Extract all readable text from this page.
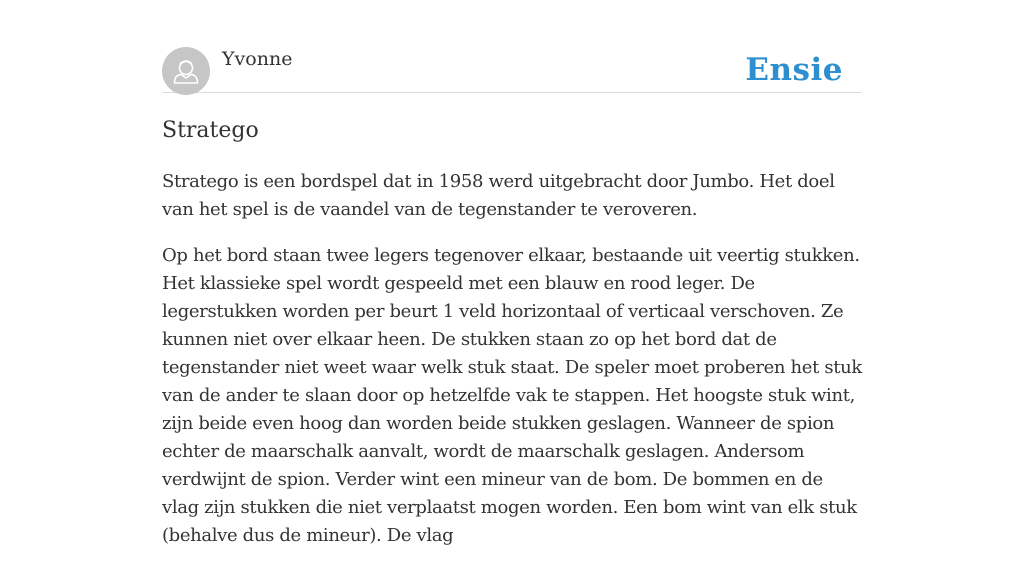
Yvonne	Ensie
Stratego

Stratego is een bordspel dat in 1958 werd uitgebracht door Jumbo. Het doel van het spel is de vaandel van de tegenstander te veroveren.

Op het bord staan twee legers tegenover elkaar, bestaande uit veertig stukken. Het klassieke spel wordt gespeeld met een blauw en rood leger. De legerstukken worden per beurt 1 veld horizontaal of verticaal verschoven. Ze kunnen niet over elkaar heen. De stukken staan zo op het bord dat de tegenstander niet weet waar welk stuk staat. De speler moet proberen het stuk van de ander te slaan door op hetzelfde vak te stappen. Het hoogste stuk wint, zijn beide even hoog dan worden beide stukken geslagen. Wanneer de spion echter de maarschalk aanvalt, wordt de maarschalk geslagen. Andersom verdwijnt de spion. Verder wint een mineur van de bom. De bommen en de vlag zijn stukken die niet verplaatst mogen worden. Een bom wint van elk stuk (behalve dus de mineur). De vlag
